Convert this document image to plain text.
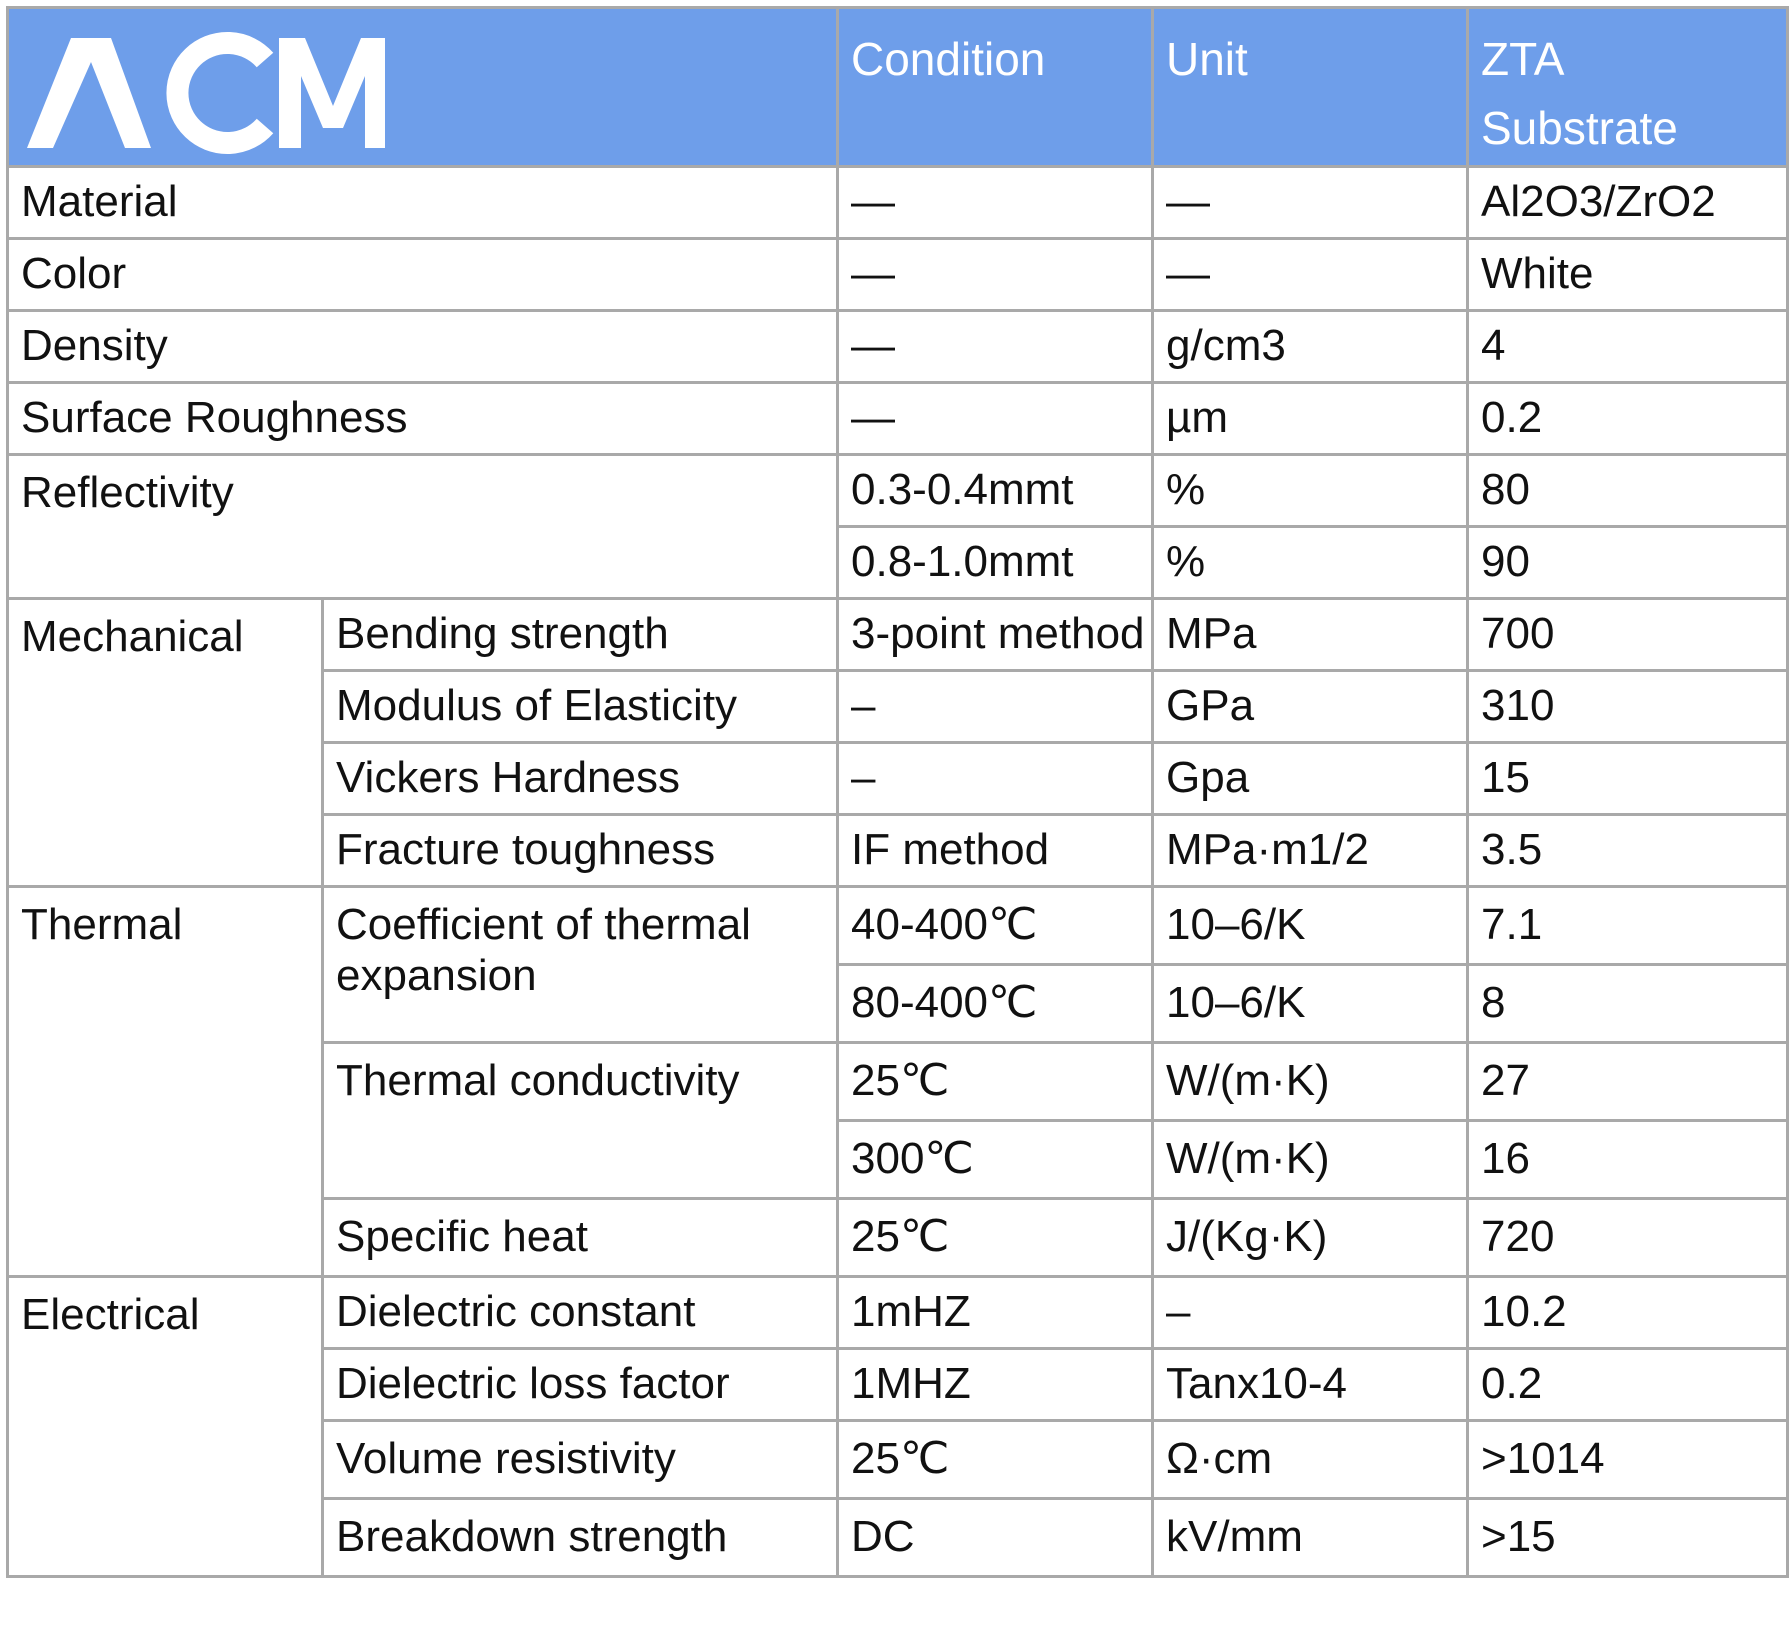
	Condition	Unit	ZTA Substrate
Material		—	—	Al2O3/ZrO2
Color		—	—	White
Density		—	g/cm3	4
Surface Roughness		—	µm	0.2
Reflectivity		0.3-0.4mmt	%	80
		0.8-1.0mmt	%	90
Mechanical	Bending strength	3-point method	MPa	700
	Modulus of Elasticity	–	GPa	310
	Vickers Hardness	–	Gpa	15
	Fracture toughness	IF method	MPa·m1/2	3.5
Thermal	Coefficient of thermal expansion	40-400℃	10–6/K	7.1
		80-400℃	10–6/K	8
	Thermal conductivity	25℃	W/(m·K)	27
		300℃	W/(m·K)	16
	Specific heat	25℃	J/(Kg·K)	720
Electrical	Dielectric constant	1mHZ	–	10.2
	Dielectric loss factor	1MHZ	Tanx10-4	0.2
	Volume resistivity	25℃	Ω·cm	>1014
	Breakdown strength	DC	kV/mm	>15
